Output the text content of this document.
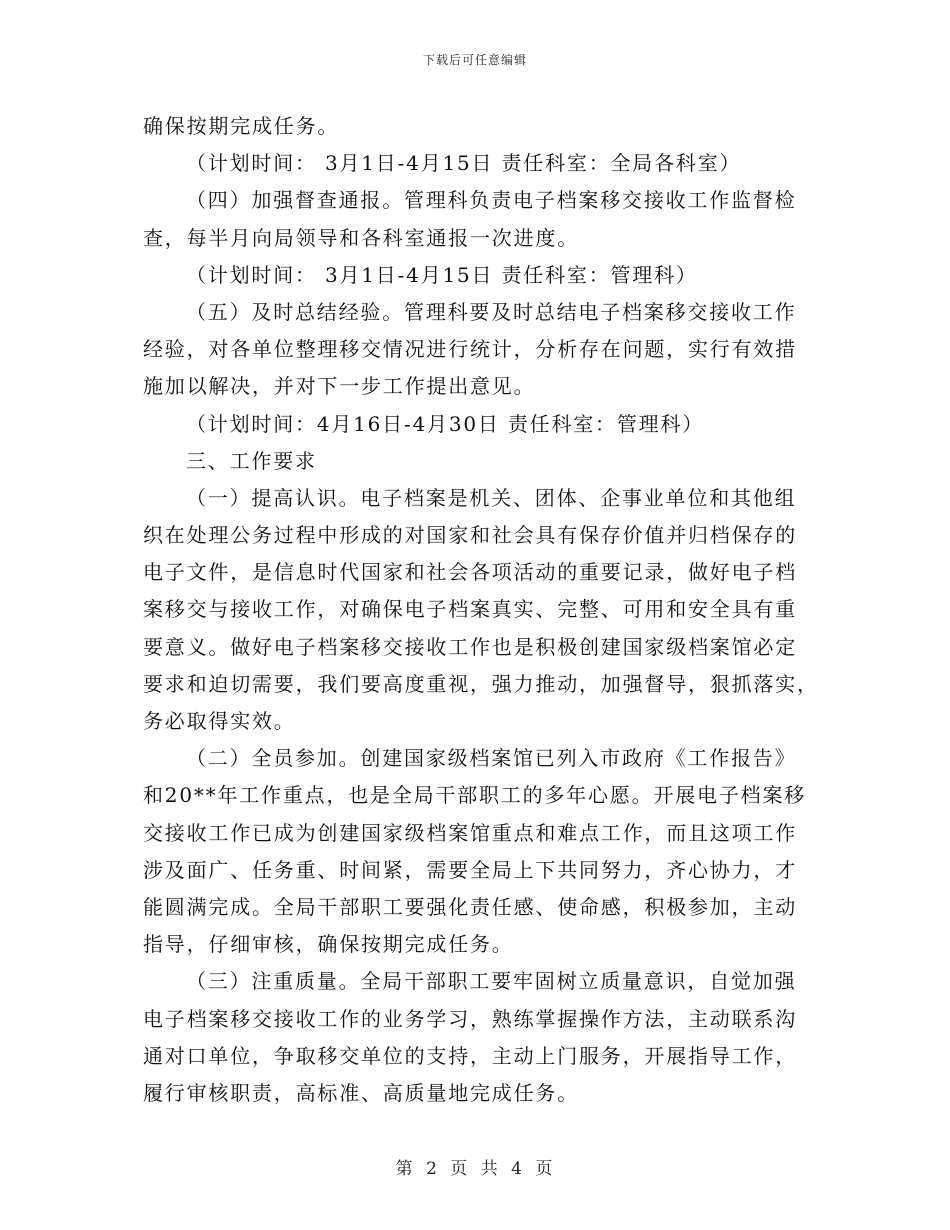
下载后可任意编辑
确保按期完成任务。
（计划时间： 3月1日-4月15日 责任科室：全局各科室）
（四）加强督查通报。管理科负责电子档案移交接收工作监督检
查，每半月向局领导和各科室通报一次进度。
（计划时间： 3月1日-4月15日 责任科室：管理科）
（五）及时总结经验。管理科要及时总结电子档案移交接收工作
经验，对各单位整理移交情况进行统计，分析存在问题，实行有效措
施加以解决，并对下一步工作提出意见。
（计划时间：4月16日-4月30日 责任科室：管理科）
三、工作要求
（一）提高认识。电子档案是机关、团体、企事业单位和其他组
织在处理公务过程中形成的对国家和社会具有保存价值并归档保存的
电子文件，是信息时代国家和社会各项活动的重要记录，做好电子档
案移交与接收工作，对确保电子档案真实、完整、可用和安全具有重
要意义。做好电子档案移交接收工作也是积极创建国家级档案馆必定
要求和迫切需要，我们要高度重视，强力推动，加强督导，狠抓落实，
务必取得实效。
（二）全员参加。创建国家级档案馆已列入市政府《工作报告》
和20**年工作重点，也是全局干部职工的多年心愿。开展电子档案移
交接收工作已成为创建国家级档案馆重点和难点工作，而且这项工作
涉及面广、任务重、时间紧，需要全局上下共同努力，齐心协力，才
能圆满完成。全局干部职工要强化责任感、使命感，积极参加，主动
指导，仔细审核，确保按期完成任务。
（三）注重质量。全局干部职工要牢固树立质量意识，自觉加强
电子档案移交接收工作的业务学习，熟练掌握操作方法，主动联系沟
通对口单位，争取移交单位的支持，主动上门服务，开展指导工作，
履行审核职责，高标准、高质量地完成任务。
第 2 页 共 4 页
